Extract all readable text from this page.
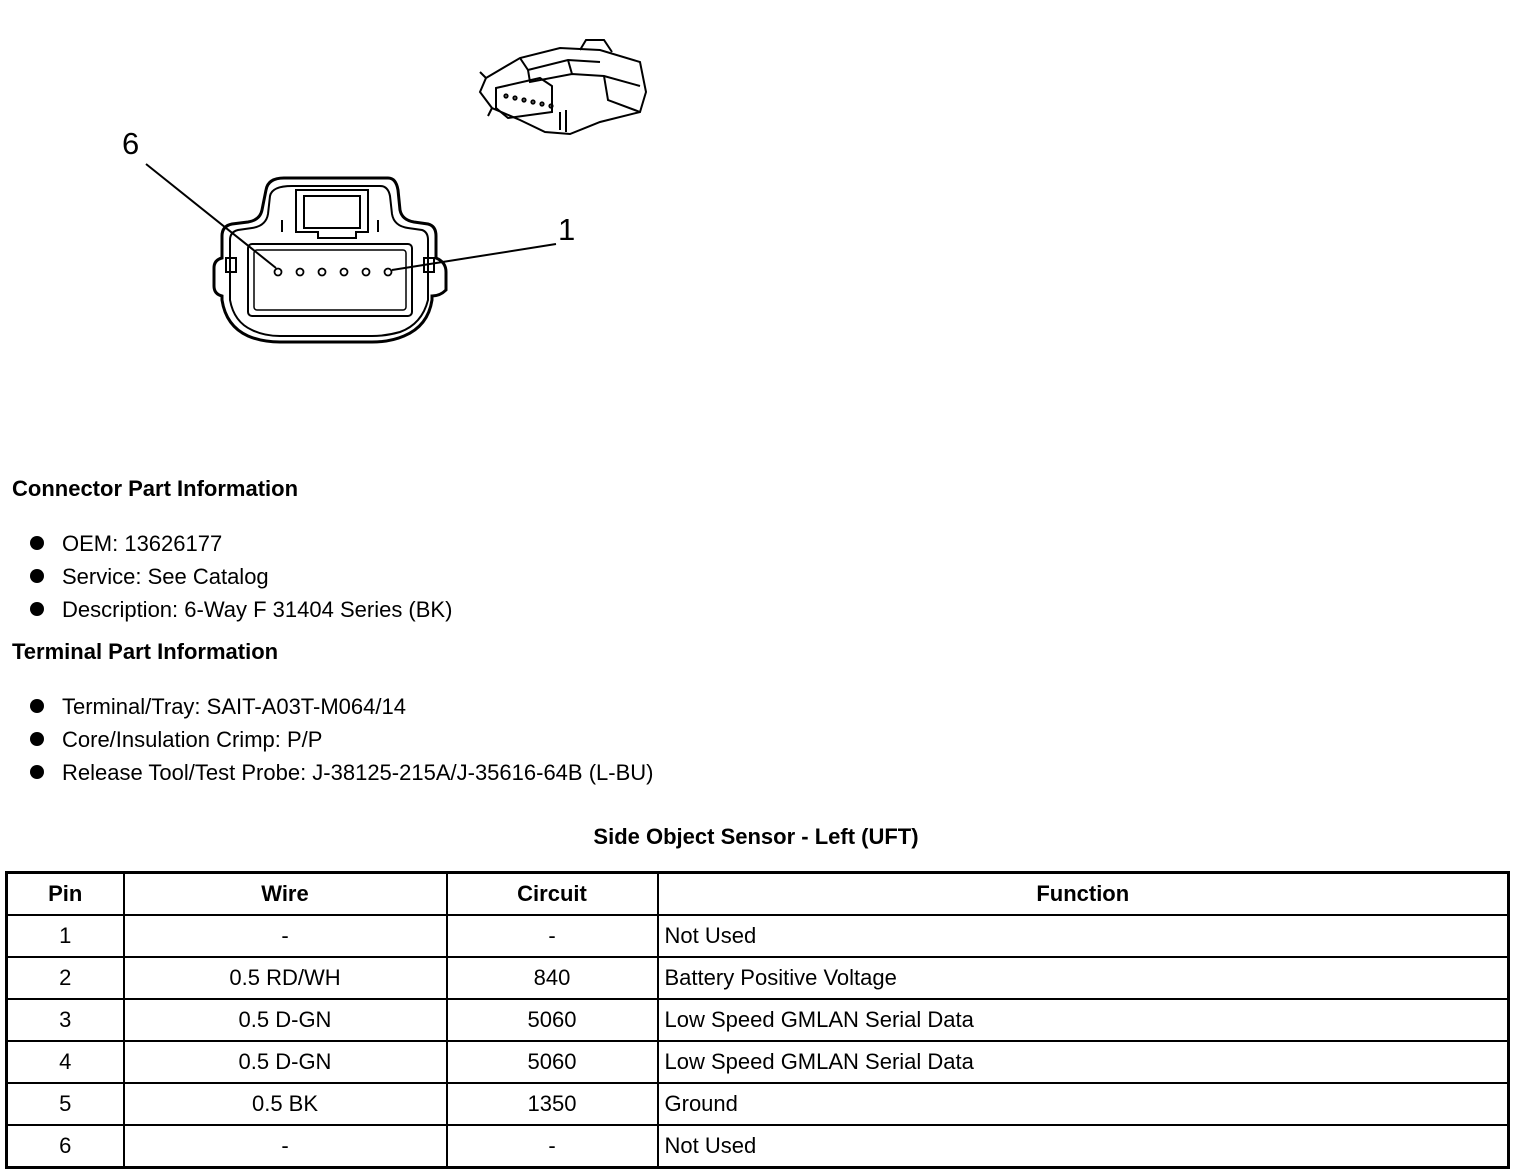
6
1
Connector Part Information
OEM: 13626177
Service: See Catalog
Description: 6-Way F 31404 Series (BK)
Terminal Part Information
Terminal/Tray: SAIT-A03T-M064/14
Core/Insulation Crimp: P/P
Release Tool/Test Probe: J-38125-215A/J-35616-64B (L-BU)
Side Object Sensor - Left (UFT)
Pin	Wire	Circuit	Function
1	-	-	Not Used
2	0.5 RD/WH	840	Battery Positive Voltage
3	0.5 D-GN	5060	Low Speed GMLAN Serial Data
4	0.5 D-GN	5060	Low Speed GMLAN Serial Data
5	0.5 BK	1350	Ground
6	-	-	Not Used
